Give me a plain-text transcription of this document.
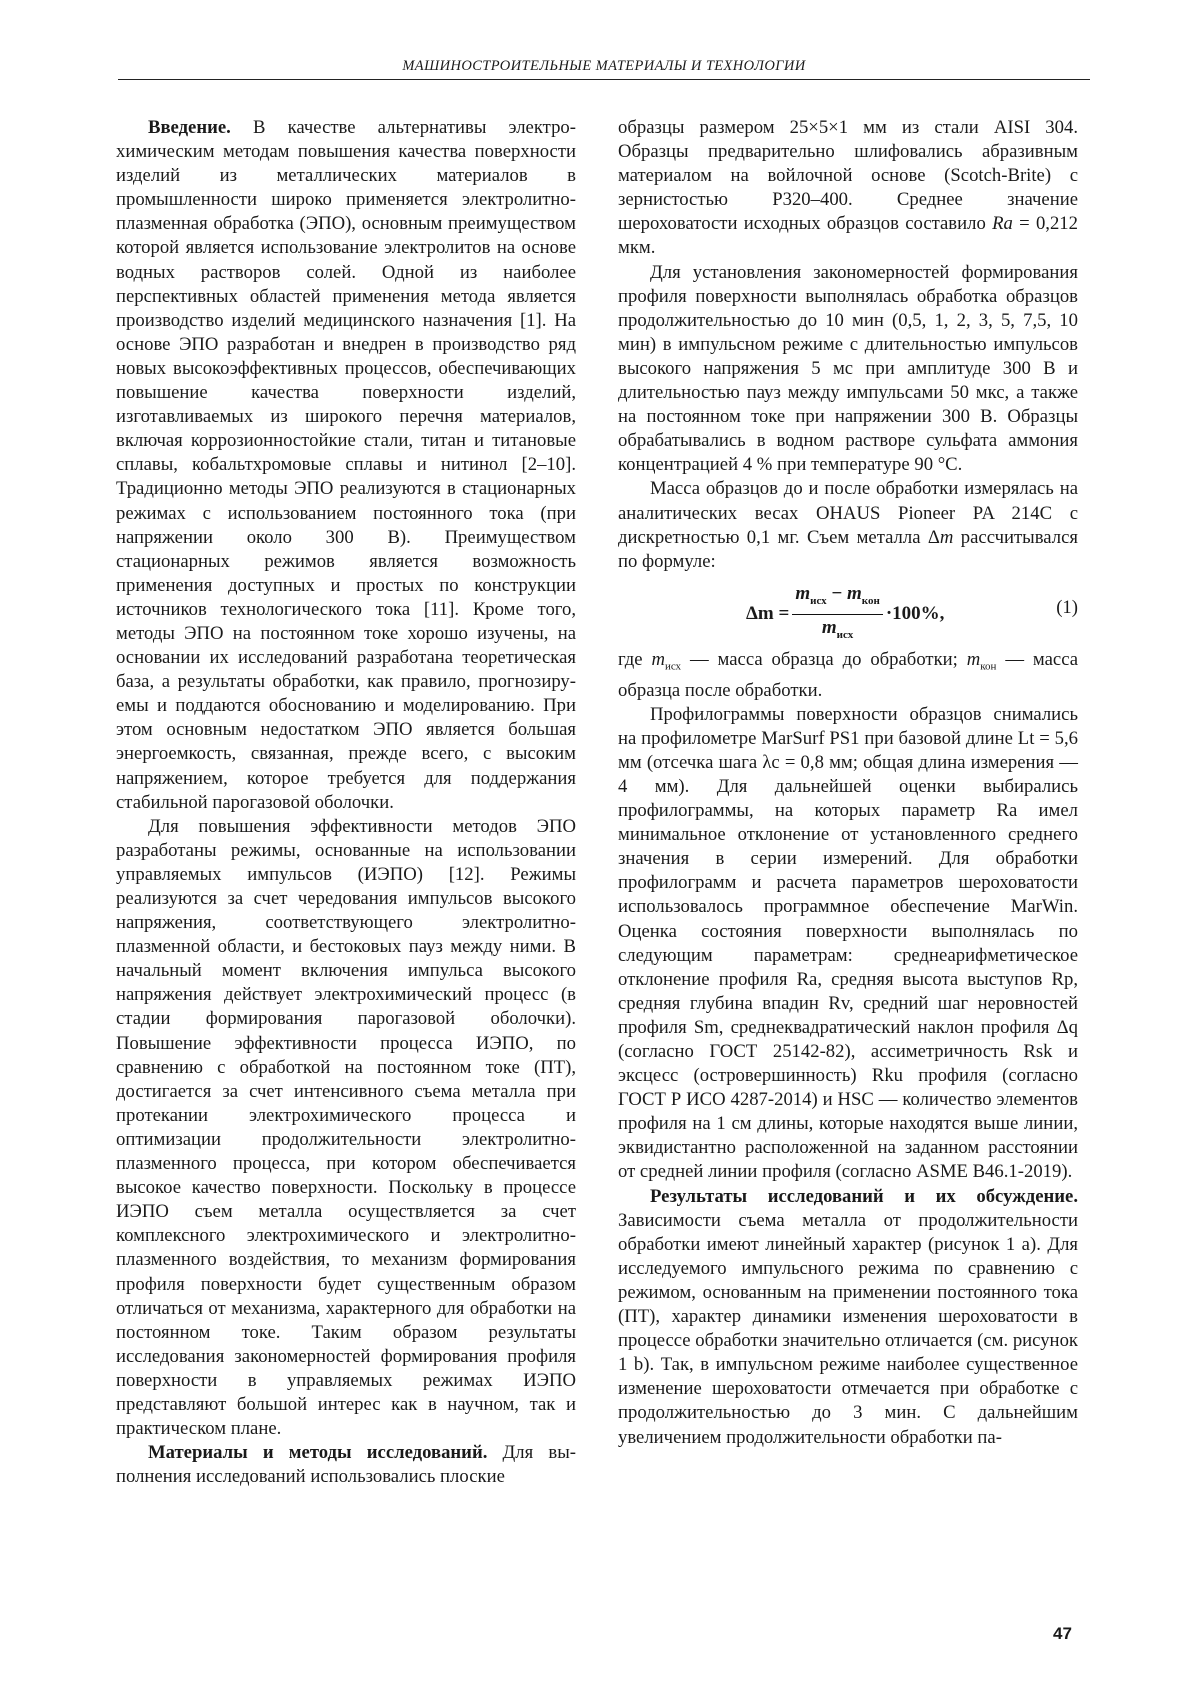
МАШИНОСТРОИТЕЛЬНЫЕ МАТЕРИАЛЫ И ТЕХНОЛОГИИ

Введение. В качестве альтернативы электрохимическим методам повышения качества поверхности изделий из металлических материалов в промышленности широко применяется электролитно-плазменная обработка (ЭПО), основным преимуществом которой является использование электролитов на основе водных растворов солей. Одной из наиболее перспективных областей применения метода является производство изделий медицинского назначения [1]. На основе ЭПО разработан и внедрен в производство ряд новых высокоэффективных процессов, обеспечивающих повышение качества поверхности изделий, изготавливаемых из широкого перечня материалов, включая коррозионностойкие стали, титан и титановые сплавы, кобальтхромовые сплавы и нитинол [2–10]. Традиционно методы ЭПО реализуются в стационарных режимах с использованием постоянного тока (при напряжении около 300 В). Преимуществом стационарных режимов является возможность применения доступных и простых по конструкции источников технологического тока [11]. Кроме того, методы ЭПО на постоянном токе хорошо изучены, на основании их исследований разработана теоретическая база, а результаты обработки, как правило, прогнозируемы и поддаются обоснованию и моделированию. При этом основным недостатком ЭПО является большая энергоемкость, связанная, прежде всего, с высоким напряжением, которое требуется для поддержания стабильной парогазовой оболочки.

Для повышения эффективности методов ЭПО разработаны режимы, основанные на использовании управляемых импульсов (ИЭПО) [12]. Режимы реализуются за счет чередования импульсов высокого напряжения, соответствующего электролитно-плазменной области, и бестоковых пауз между ними. В начальный момент включения импульса высокого напряжения действует электрохимический процесс (в стадии формирования парогазовой оболочки). Повышение эффективности процесса ИЭПО, по сравнению с обработкой на постоянном токе (ПТ), достигается за счет интенсивного съема металла при протекании электрохимического процесса и оптимизации продолжительности электролитно-плазменного процесса, при котором обеспечивается высокое качество поверхности. Поскольку в процессе ИЭПО съем металла осуществляется за счет комплексного электрохимического и электролитно-плазменного воздействия, то механизм формирования профиля поверхности будет существенным образом отличаться от механизма, характерного для обработки на постоянном токе. Таким образом результаты исследования закономерностей формирования профиля поверхности в управляемых режимах ИЭПО представляют большой интерес как в научном, так и практическом плане.

Материалы и методы исследований. Для выполнения исследований использовались плоские

образцы размером 25×5×1 мм из стали AISI 304. Образцы предварительно шлифовались абразивным материалом на войлочной основе (Scotch-Brite) с зернистостью P320–400. Среднее значение шероховатости исходных образцов составило Ra = 0,212 мкм.

Для установления закономерностей формирования профиля поверхности выполнялась обработка образцов продолжительностью до 10 мин (0,5, 1, 2, 3, 5, 7,5, 10 мин) в импульсном режиме с длительностью импульсов высокого напряжения 5 мс при амплитуде 300 В и длительностью пауз между импульсами 50 мкс, а также на постоянном токе при напряжении 300 В. Образцы обрабатывались в водном растворе сульфата аммония концентрацией 4 % при температуре 90 °C.

Масса образцов до и после обработки измерялась на аналитических весах OHAUS Pioneer PA 214C с дискретностью 0,1 мг. Съем металла Δm рассчитывался по формуле:

$\Delta m = \frac{m_{исх} - m_{кон}}{m_{исх}} \cdot 100\%$,	(1)

где $m_{исх}$ — масса образца до обработки; $m_{кон}$ — масса образца после обработки.

Профилограммы поверхности образцов снимались на профилометре MarSurf PS1 при базовой длине Lt = 5,6 мм (отсечка шага λc = 0,8 мм; общая длина измерения — 4 мм). Для дальнейшей оценки выбирались профилограммы, на которых параметр Ra имел минимальное отклонение от установленного среднего значения в серии измерений. Для обработки профилограмм и расчета параметров шероховатости использовалось программное обеспечение MarWin. Оценка состояния поверхности выполнялась по следующим параметрам: среднеарифметическое отклонение профиля Ra, средняя высота выступов Rp, средняя глубина впадин Rv, средний шаг неровностей профиля Sm, среднеквадратический наклон профиля Δq (согласно ГОСТ 25142-82), ассиметричность Rsk и эксцесс (островершинность) Rku профиля (согласно ГОСТ Р ИСО 4287-2014) и HSC — количество элементов профиля на 1 см длины, которые находятся выше линии, эквидистантно расположенной на заданном расстоянии от средней линии профиля (согласно ASME B46.1-2019).

Результаты исследований и их обсуждение. Зависимости съема металла от продолжительности обработки имеют линейный характер (рисунок 1 a). Для исследуемого импульсного режима по сравнению с режимом, основанным на применении постоянного тока (ПТ), характер динамики изменения шероховатости в процессе обработки значительно отличается (см. рисунок 1 b). Так, в импульсном режиме наиболее существенное изменение шероховатости отмечается при обработке с продолжительностью до 3 мин. С дальнейшим увеличением продолжительности обработки па-

47
